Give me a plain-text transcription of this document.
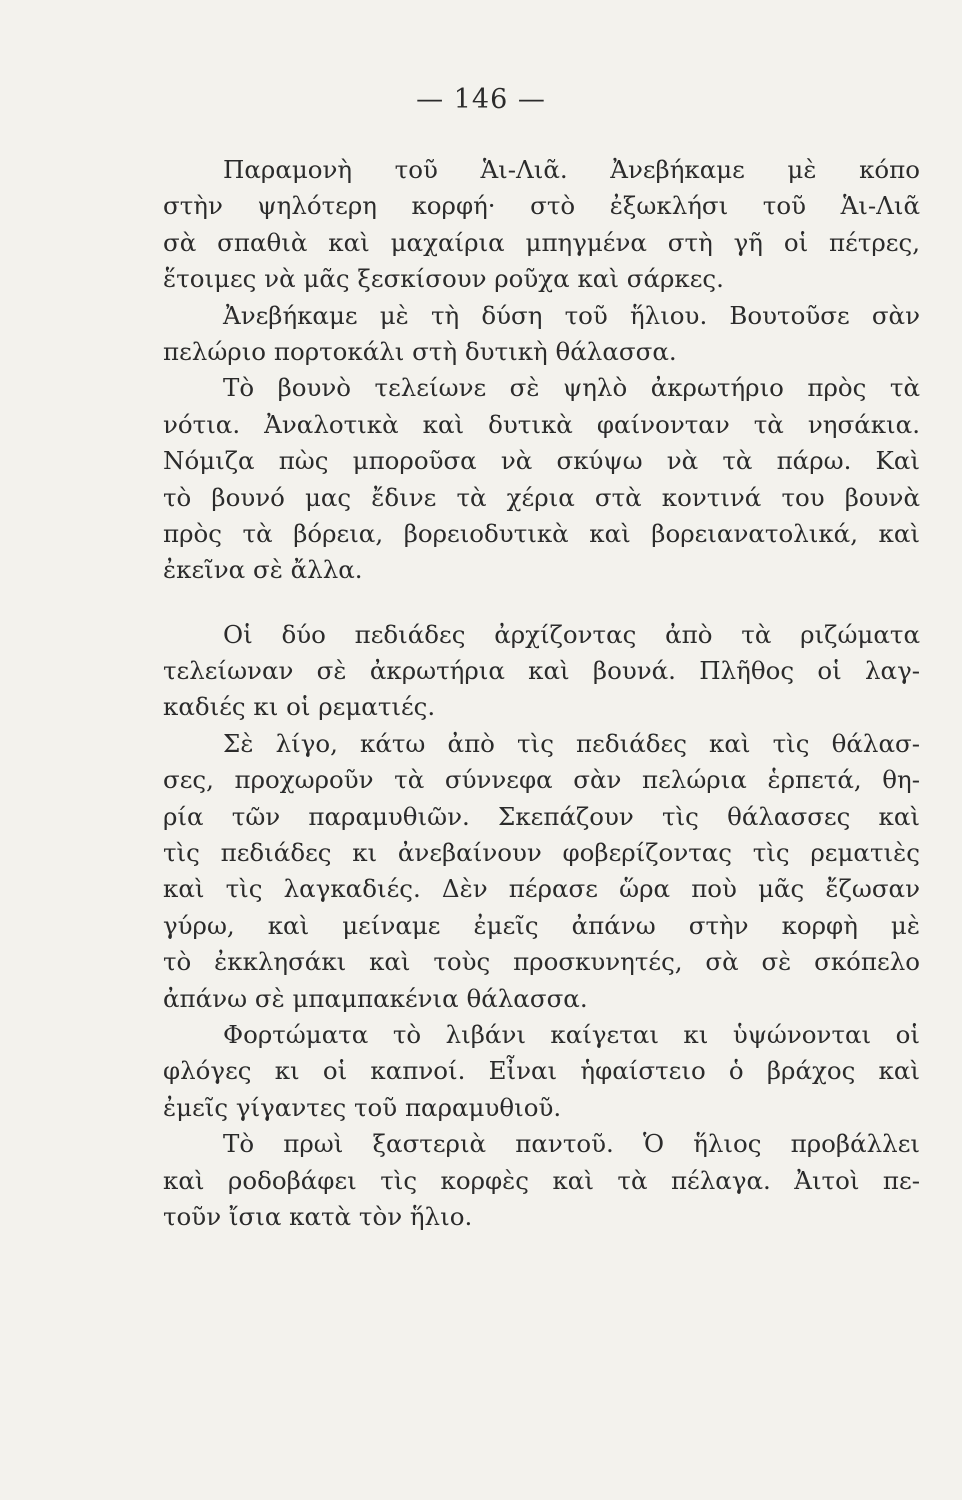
— 146 —
Παραμονὴ τοῦ Ἁι-Λιᾶ. Ἀνεβήκαμε μὲ κόπο
στὴν ψηλότερη κορφή· στὸ ἐξωκλήσι τοῦ Ἁι-Λιᾶ
σὰ σπαθιὰ καὶ μαχαίρια μπηγμένα στὴ γῆ οἱ πέτρες,
ἕτοιμες νὰ μᾶς ξεσκίσουν ροῦχα καὶ σάρκες.
Ἀνεβήκαμε μὲ τὴ δύση τοῦ ἥλιου. Βουτοῦσε σὰν
πελώριο πορτοκάλι στὴ δυτικὴ θάλασσα.
Τὸ βουνὸ τελείωνε σὲ ψηλὸ ἀκρωτήριο πρὸς τὰ
νότια. Ἀναλοτικὰ καὶ δυτικὰ φαίνονταν τὰ νησάκια.
Νόμιζα πὼς μποροῦσα νὰ σκύψω νὰ τὰ πάρω. Καὶ
τὸ βουνό μας ἔδινε τὰ χέρια στὰ κοντινά του βουνὰ
πρὸς τὰ βόρεια, βορειοδυτικὰ καὶ βορειανατολικά, καὶ
ἐκεῖνα σὲ ἄλλα.
Οἱ δύο πεδιάδες ἀρχίζοντας ἀπὸ τὰ ριζώματα
τελείωναν σὲ ἀκρωτήρια καὶ βουνά. Πλῆθος οἱ λαγ-
καδιές κι οἱ ρεματιές.
Σὲ λίγο, κάτω ἀπὸ τὶς πεδιάδες καὶ τὶς θάλασ-
σες, προχωροῦν τὰ σύννεφα σὰν πελώρια ἑρπετά, θη-
ρία τῶν παραμυθιῶν. Σκεπάζουν τὶς θάλασσες καὶ
τὶς πεδιάδες κι ἀνεβαίνουν φοβερίζοντας τὶς ρεματιὲς
καὶ τὶς λαγκαδιές. Δὲν πέρασε ὥρα ποὺ μᾶς ἔζωσαν
γύρω, καὶ μείναμε ἐμεῖς ἀπάνω στὴν κορφὴ μὲ
τὸ ἐκκλησάκι καὶ τοὺς προσκυνητές, σὰ σὲ σκόπελο
ἀπάνω σὲ μπαμπακένια θάλασσα.
Φορτώματα τὸ λιβάνι καίγεται κι ὑψώνονται οἱ
φλόγες κι οἱ καπνοί. Εἶναι ἡφαίστειο ὁ βράχος καὶ
ἐμεῖς γίγαντες τοῦ παραμυθιοῦ.
Τὸ πρωὶ ξαστεριὰ παντοῦ. Ὁ ἥλιος προβάλλει
καὶ ροδοβάφει τὶς κορφὲς καὶ τὰ πέλαγα. Ἀιτοὶ πε-
τοῦν ἴσια κατὰ τὸν ἥλιο.
